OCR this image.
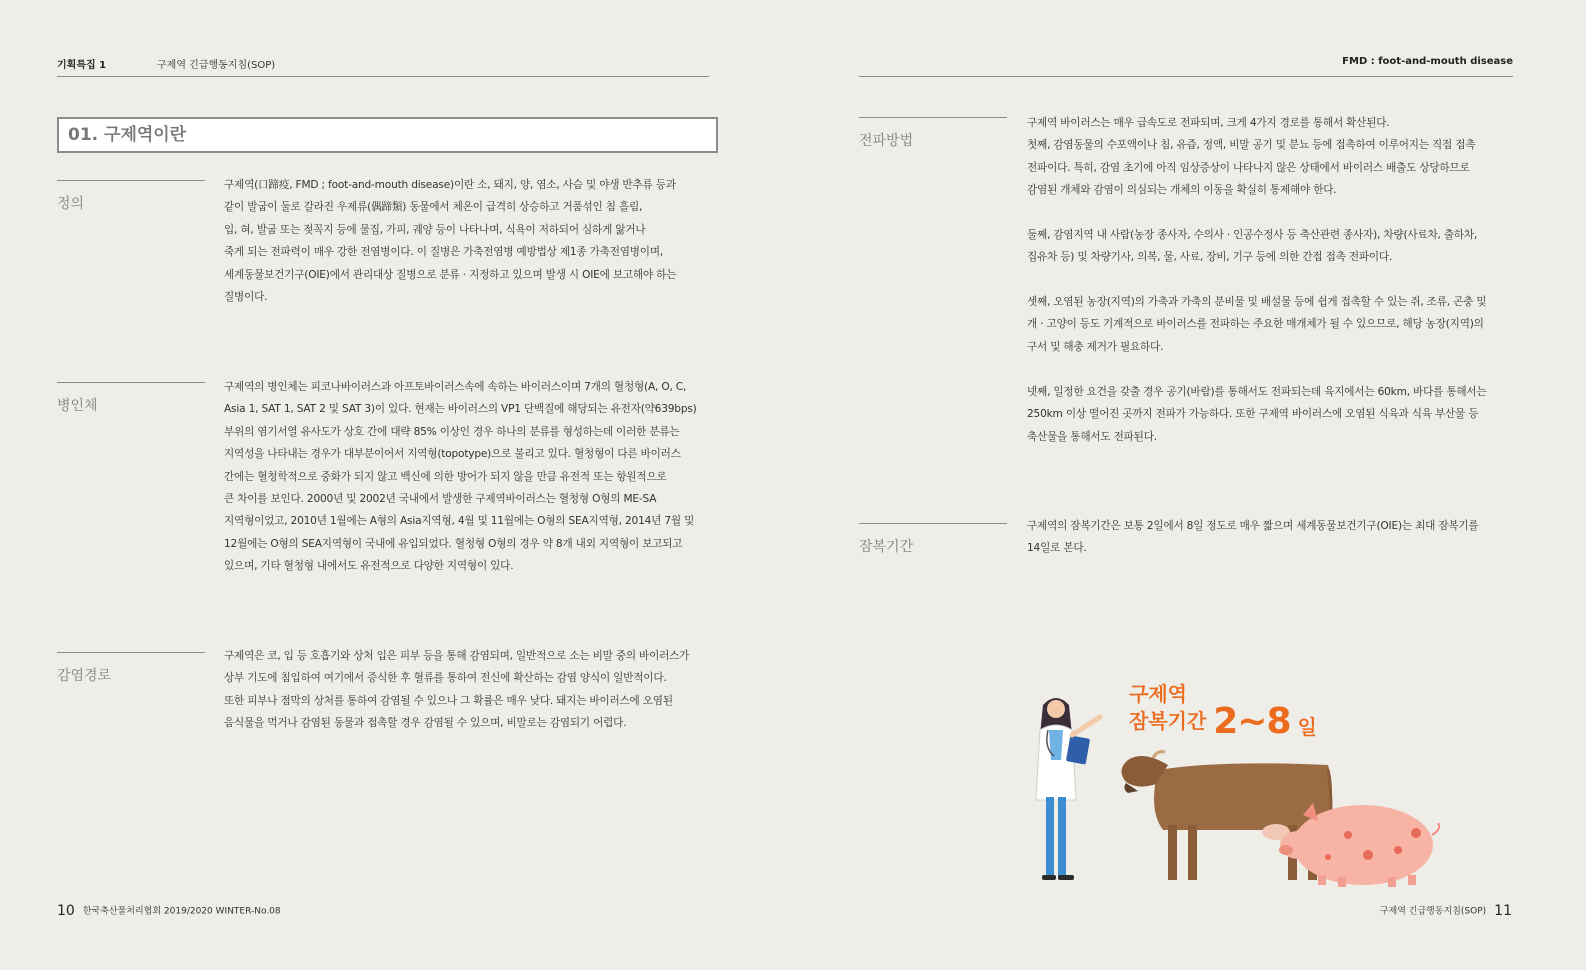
기획특집 1	구제역 긴급행동지침(SOP)
01. 구제역이란
정의

구제역(口蹄疫, FMD ; foot-and-mouth disease)이란 소, 돼지, 양, 염소, 사슴 및 야생 반추류 등과

같이 발굽이 둘로 갈라진 우제류(偶蹄類) 동물에서 체온이 급격히 상승하고 거품섞인 침 흘림,

입, 혀, 발굽 또는 젖꼭지 등에 물집, 가피, 궤양 등이 나타나며, 식욕이 저하되어 심하게 앓거나

죽게 되는 전파력이 매우 강한 전염병이다. 이 질병은 가축전염병 예방법상 제1종 가축전염병이며,

세계동물보건기구(OIE)에서 관리대상 질병으로 분류 · 지정하고 있으며 발생 시 OIE에 보고해야 하는

질병이다.

병인체

구제역의 병인체는 피코나바이러스과 아프토바이러스속에 속하는 바이러스이며 7개의 혈청형(A, O, C,

Asia 1, SAT 1, SAT 2 및 SAT 3)이 있다. 현재는 바이러스의 VP1 단백질에 해당되는 유전자(약639bps)

부위의 염기서열 유사도가 상호 간에 대략 85% 이상인 경우 하나의 분류를 형성하는데 이러한 분류는

지역성을 나타내는 경우가 대부분이어서 지역형(topotype)으로 불리고 있다. 혈청형이 다른 바이러스

간에는 혈청학적으로 중화가 되지 않고 백신에 의한 방어가 되지 않을 만큼 유전적 또는 항원적으로

큰 차이를 보인다. 2000년 및 2002년 국내에서 발생한 구제역바이러스는 혈청형 O형의 ME-SA

지역형이었고, 2010년 1월에는 A형의 Asia지역형, 4월 및 11월에는 O형의 SEA지역형, 2014년 7월 및

12월에는 O형의 SEA지역형이 국내에 유입되었다. 혈청형 O형의 경우 약 8개 내외 지역형이 보고되고

있으며, 기타 혈청형 내에서도 유전적으로 다양한 지역형이 있다.

감염경로

구제역은 코, 입 등 호흡기와 상처 입은 피부 등을 통해 감염되며, 일반적으로 소는 비말 중의 바이러스가

상부 기도에 침입하여 여기에서 증식한 후 혈류를 통하여 전신에 확산하는 감염 양식이 일반적이다.

또한 피부나 점막의 상처를 통하여 감염될 수 있으나 그 확률은 매우 낮다. 돼지는 바이러스에 오염된

음식물을 먹거나 감염된 동물과 접촉할 경우 감염될 수 있으며, 비말로는 감염되기 어렵다.

10 한국축산물처리협회 2019/2020 WINTER-No.08
FMD : foot-and-mouth disease
전파방법

구제역 바이러스는 매우 급속도로 전파되며, 크게 4가지 경로를 통해서 확산된다.

첫째, 감염동물의 수포액이나 침, 유즙, 정액, 비말 공기 및 분뇨 등에 접촉하여 이루어지는 직접 접촉

전파이다. 특히, 감염 초기에 아직 임상증상이 나타나지 않은 상태에서 바이러스 배출도 상당하므로

감염된 개체와 감염이 의심되는 개체의 이동을 확실히 통제해야 한다.

둘째, 감염지역 내 사람(농장 종사자, 수의사 · 인공수정사 등 축산관련 종사자), 차량(사료차, 출하차,

집유차 등) 및 차량기사, 의복, 물, 사료, 장비, 기구 등에 의한 간접 접촉 전파이다.

셋째, 오염된 농장(지역)의 가축과 가축의 분비물 및 배설물 등에 쉽게 접촉할 수 있는 쥐, 조류, 곤충 및

개 · 고양이 등도 기계적으로 바이러스를 전파하는 주요한 매개체가 될 수 있으므로, 해당 농장(지역)의

구서 및 해충 제거가 필요하다.

넷째, 일정한 요건을 갖출 경우 공기(바람)를 통해서도 전파되는데 육지에서는 60km, 바다를 통해서는

250km 이상 떨어진 곳까지 전파가 가능하다. 또한 구제역 바이러스에 오염된 식육과 식육 부산물 등

축산물을 통해서도 전파된다.

잠복기간

구제역의 잠복기간은 보통 2일에서 8일 정도로 매우 짧으며 세계동물보건기구(OIE)는 최대 잠복기를

14일로 본다.

구제역
잠복기간 2~8 일
구제역 긴급행동지침(SOP) 11
